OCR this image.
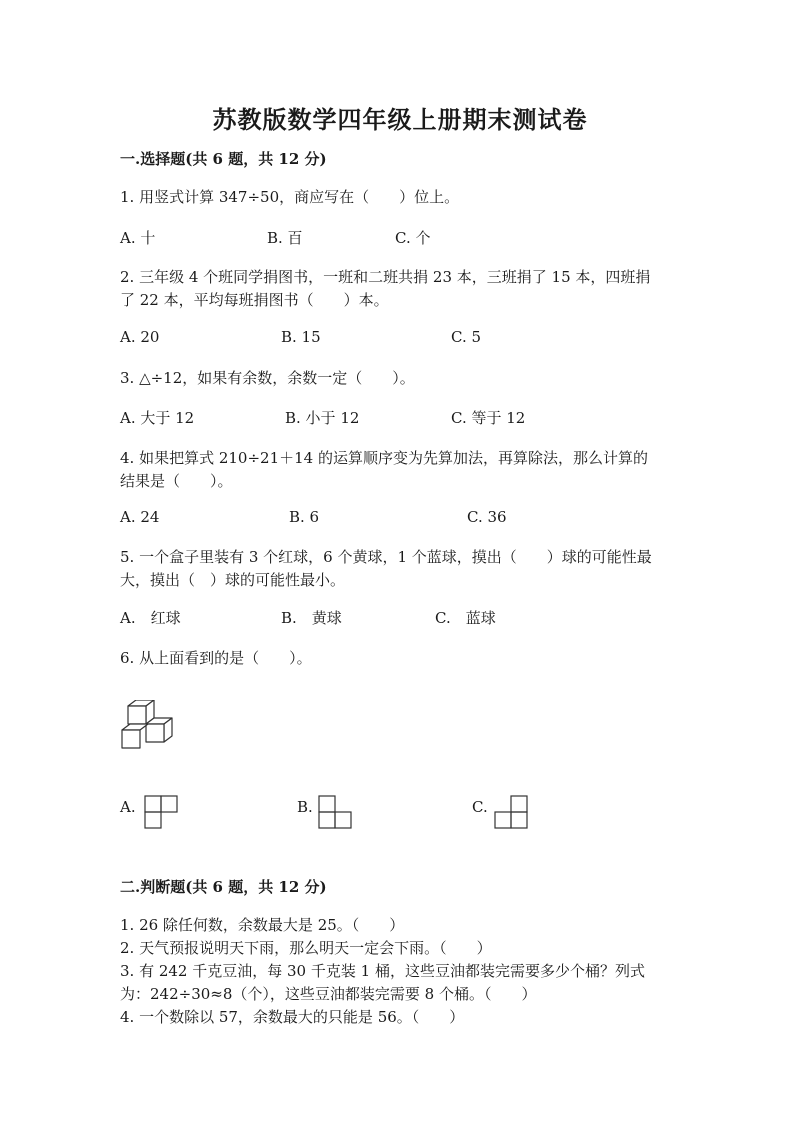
苏教版数学四年级上册期末测试卷
一.选择题(共 6 题，共 12 分)
1. 用竖式计算 347÷50，商应写在（　　）位上。
A. 十	B. 百	C. 个
2. 三年级 4 个班同学捐图书，一班和二班共捐 23 本，三班捐了 15 本，四班捐
了 22 本，平均每班捐图书（　　）本。
A. 20	B. 15	C. 5
3. △÷12，如果有余数，余数一定（　　）。
A. 大于 12	B. 小于 12	C. 等于 12
4. 如果把算式 210÷21＋14 的运算顺序变为先算加法，再算除法，那么计算的
结果是（　　）。
A. 24	B. 6	C. 36
5. 一个盒子里装有 3 个红球，6 个黄球，1 个蓝球，摸出（　　）球的可能性最
大，摸出（　）球的可能性最小。
A.　红球	B.　黄球	C.　蓝球
6. 从上面看到的是（　　）。
A.	B.	C.
二.判断题(共 6 题，共 12 分)
1. 26 除任何数，余数最大是 25。（　　）
2. 天气预报说明天下雨，那么明天一定会下雨。（　　）
3. 有 242 千克豆油，每 30 千克装 1 桶，这些豆油都装完需要多少个桶？列式
为：242÷30≈8（个），这些豆油都装完需要 8 个桶。（　　）
4. 一个数除以 57，余数最大的只能是 56。（　　）
